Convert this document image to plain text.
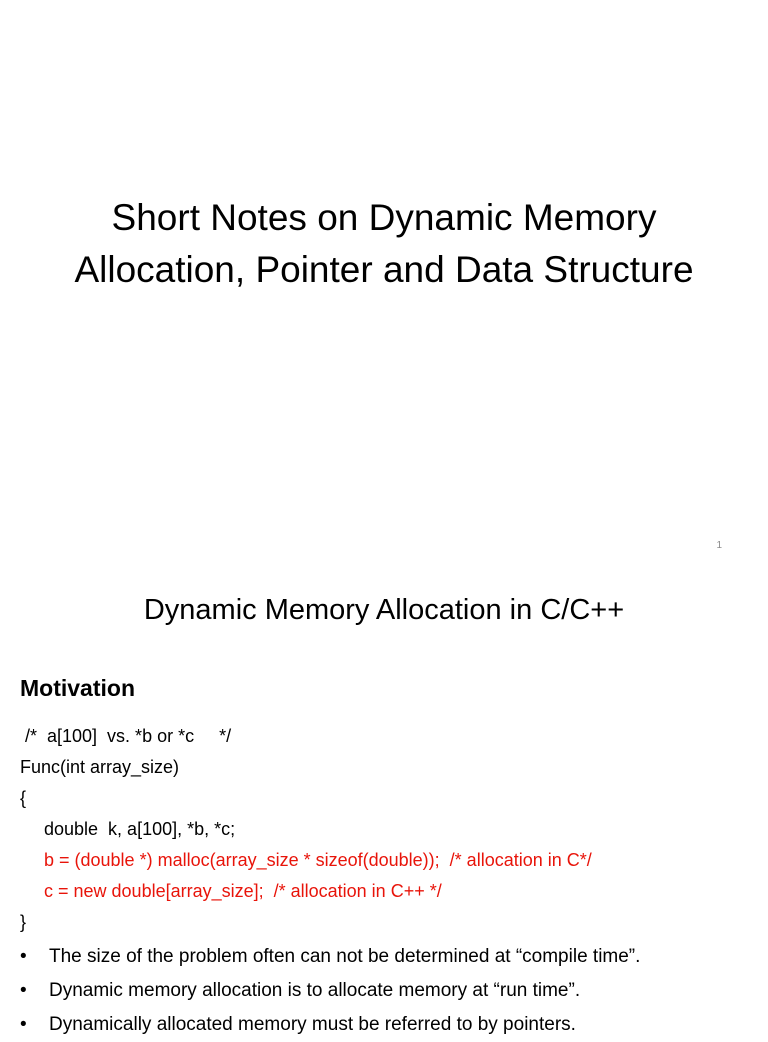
Short Notes on Dynamic Memory
Allocation, Pointer and Data Structure
1
Dynamic Memory Allocation in C/C++
Motivation
/*  a[100]  vs. *b or *c     */
Func(int array_size)
{
double  k, a[100], *b, *c;
b = (double *) malloc(array_size * sizeof(double));  /* allocation in C*/
c = new double[array_size];  /* allocation in C++ */
}
• The size of the problem often can not be determined at “compile time”.
• Dynamic memory allocation is to allocate memory at “run time”.
• Dynamically allocated memory must be referred to by pointers.
